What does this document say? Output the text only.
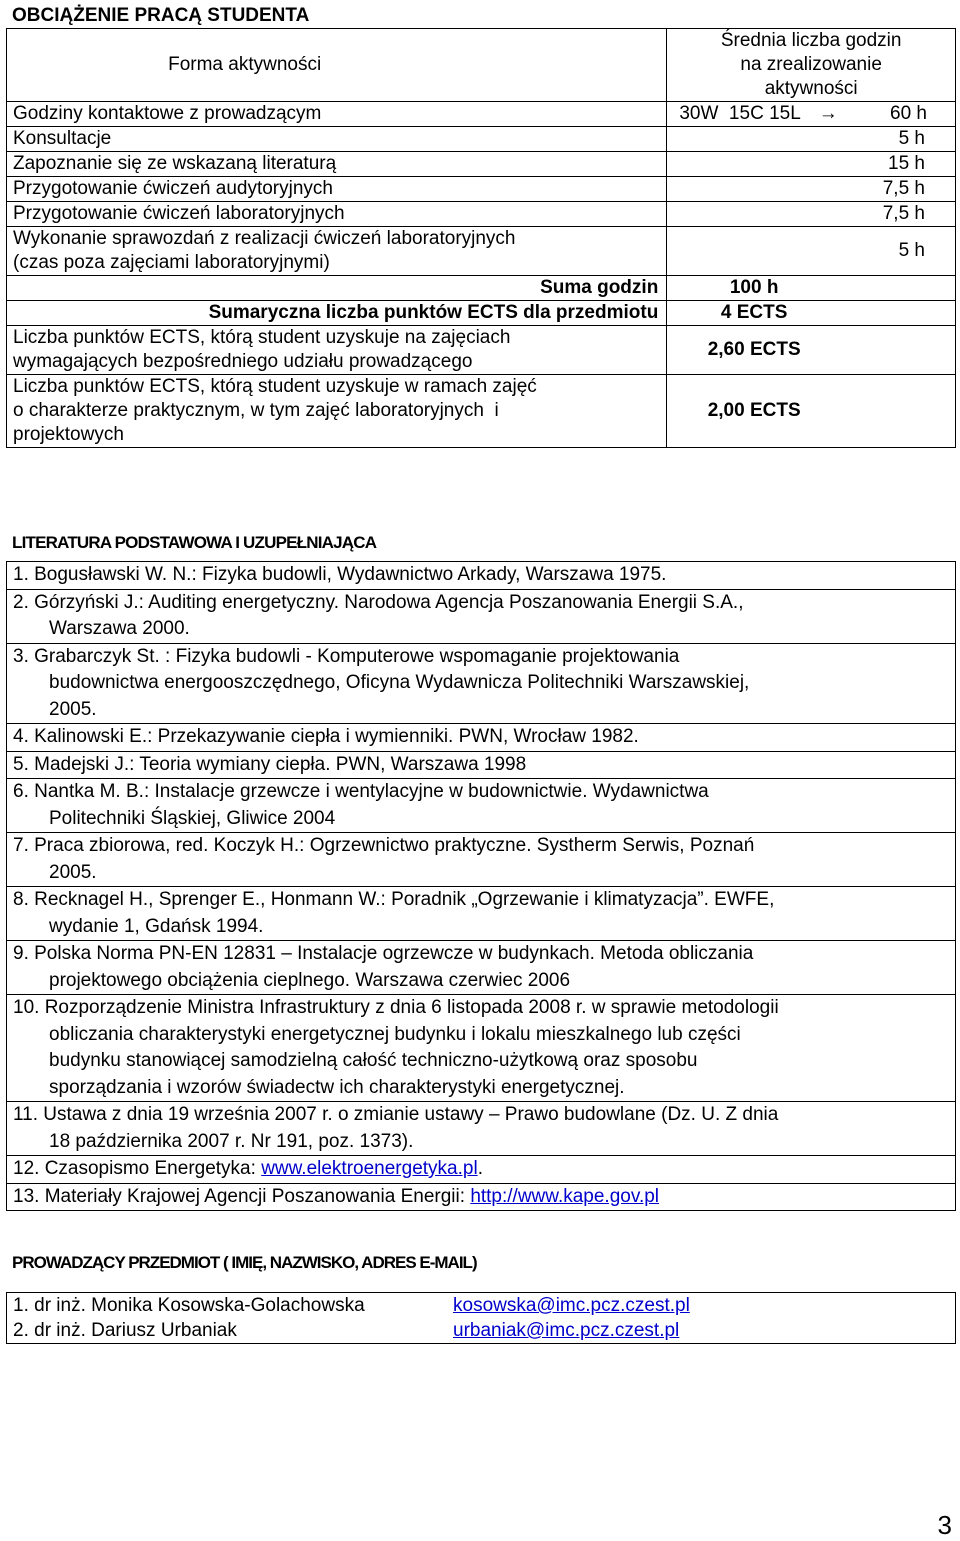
OBCIĄŻENIE PRACĄ STUDENTA
Forma aktywności	Średnia liczba godzin
na zrealizowanie
aktywności

Godziny kontaktowe z prowadzącym	30W  15C 15L → 60 h
Konsultacje	5 h
Zapoznanie się ze wskazaną literaturą	15 h
Przygotowanie ćwiczeń audytoryjnych	7,5 h
Przygotowanie ćwiczeń laboratoryjnych	7,5 h

Wykonanie sprawozdań z realizacji ćwiczeń laboratoryjnych
(czas poza zajęciami laboratoryjnymi)	5 h
Suma godzin	100 h
Sumaryczna liczba punktów ECTS dla przedmiotu	4 ECTS

Liczba punktów ECTS, którą student uzyskuje na zajęciach
wymagających bezpośredniego udziału prowadzącego	2,60 ECTS

Liczba punktów ECTS, którą student uzyskuje w ramach zajęć
o charakterze praktycznym, w tym zajęć laboratoryjnych  i
projektowych	2,00 ECTS
LITERATURA PODSTAWOWA I UZUPEŁNIAJĄCA
1. Bogusławski W. N.: Fizyka budowli, Wydawnictwo Arkady, Warszawa 1975.
2. Górzyński J.: Auditing energetyczny. Narodowa Agencja Poszanowania Energii S.A.,
Warszawa 2000.

3. Grabarczyk St. : Fizyka budowli - Komputerowe wspomaganie projektowania
budownictwa energooszczędnego, Oficyna Wydawnicza Politechniki Warszawskiej,
2005.

4. Kalinowski E.: Przekazywanie ciepła i wymienniki. PWN, Wrocław 1982.
5. Madejski J.: Teoria wymiany ciepła. PWN, Warszawa 1998
6. Nantka M. B.: Instalacje grzewcze i wentylacyjne w budownictwie. Wydawnictwa
Politechniki Śląskiej, Gliwice 2004

7. Praca zbiorowa, red. Koczyk H.: Ogrzewnictwo praktyczne. Systherm Serwis, Poznań
2005.

8. Recknagel H., Sprenger E., Honmann W.: Poradnik „Ogrzewanie i klimatyzacja”. EWFE,
wydanie 1, Gdańsk 1994.

9. Polska Norma PN-EN 12831 – Instalacje ogrzewcze w budynkach. Metoda obliczania
projektowego obciążenia cieplnego. Warszawa czerwiec 2006

10. Rozporządzenie Ministra Infrastruktury z dnia 6 listopada 2008 r. w sprawie metodologii
obliczania charakterystyki energetycznej budynku i lokalu mieszkalnego lub części
budynku stanowiącej samodzielną całość techniczno-użytkową oraz sposobu
sporządzania i wzorów świadectw ich charakterystyki energetycznej.

11. Ustawa z dnia 19 września 2007 r. o zmianie ustawy – Prawo budowlane (Dz. U. Z dnia
18 października 2007 r. Nr 191, poz. 1373).

12. Czasopismo Energetyka: www.elektroenergetyka.pl.
13. Materiały Krajowej Agencji Poszanowania Energii: http://www.kape.gov.pl
PROWADZĄCY PRZEDMIOT ( IMIĘ, NAZWISKO, ADRES E-MAIL)
1. dr inż. Monika Kosowska-Golachowska	kosowska@imc.pcz.czest.pl
2. dr inż. Dariusz Urbaniak	urbaniak@imc.pcz.czest.pl
3
